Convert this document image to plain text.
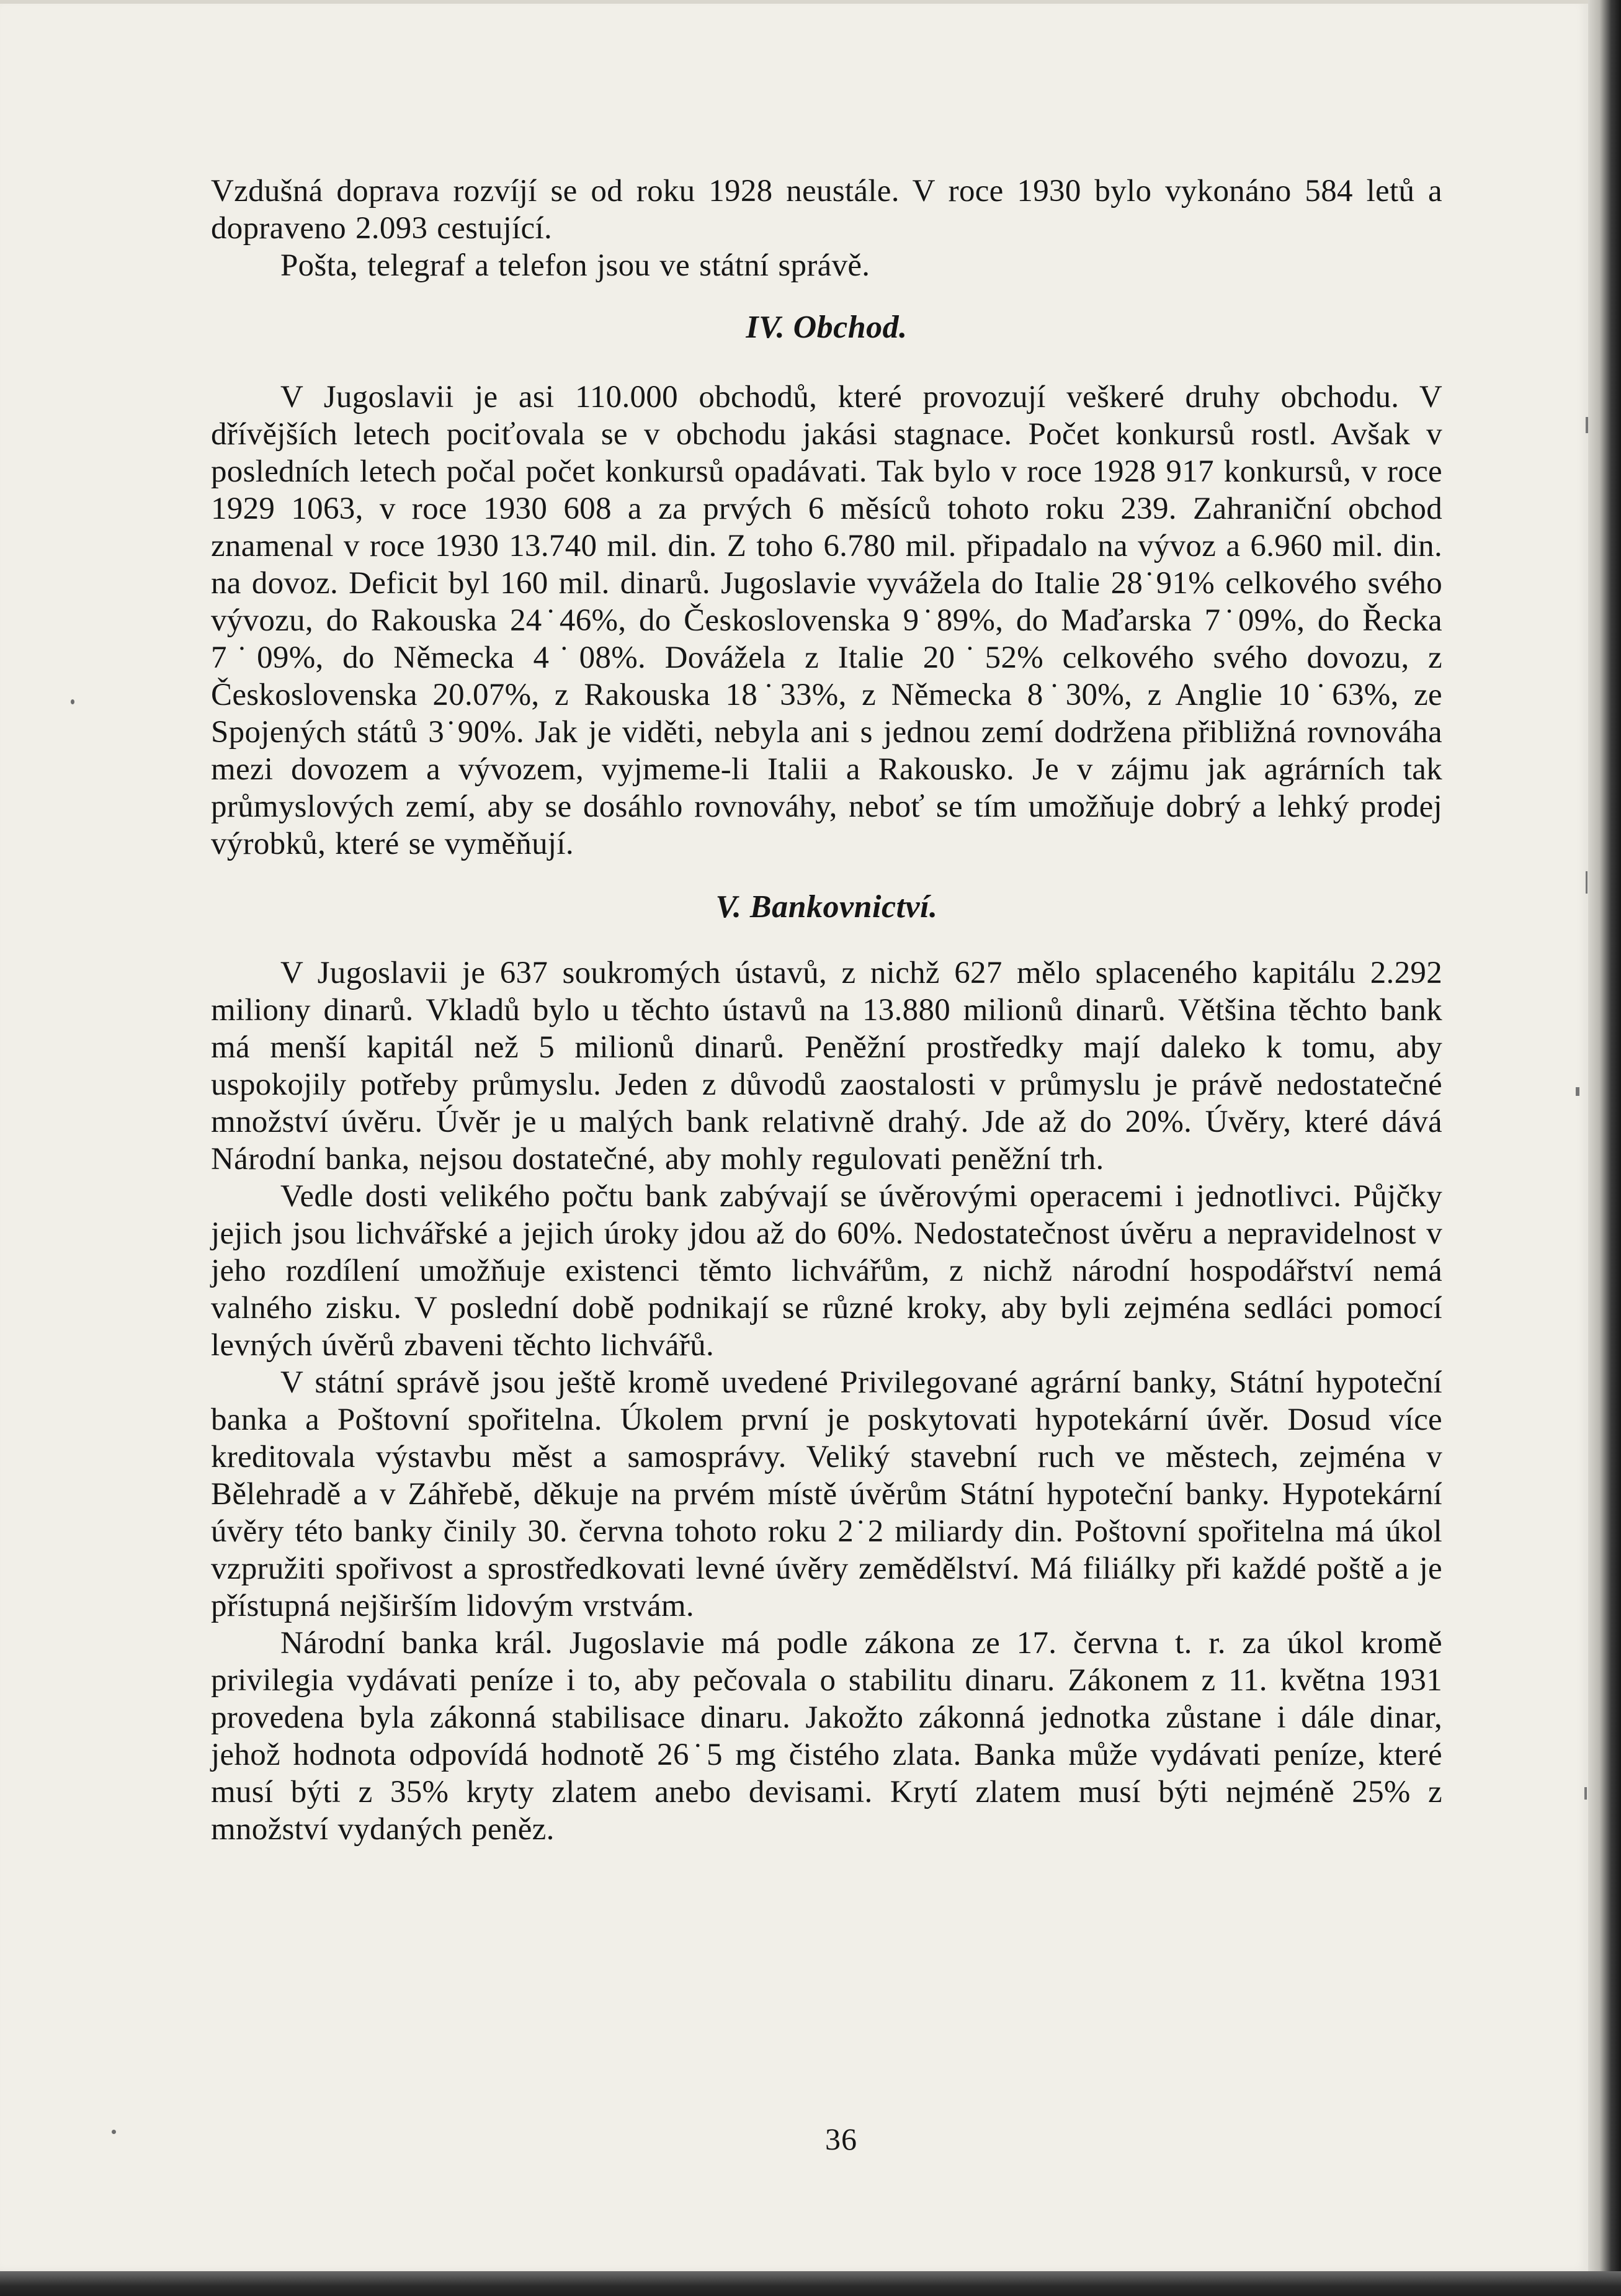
Vzdušná doprava rozvíjí se od roku 1928 neustále. V roce 1930 bylo vykonáno 584 letů a dopraveno 2.093 cestující.

Pošta, telegraf a telefon jsou ve státní správě.

IV. Obchod.

V Jugoslavii je asi 110.000 obchodů, které provozují veškeré druhy obchodu. V dřívějších letech pociťovala se v obchodu jakási stagnace. Počet konkursů rostl. Avšak v posledních letech počal počet konkursů opadávati. Tak bylo v roce 1928 917 konkursů, v roce 1929 1063, v roce 1930 608 a za prvých 6 měsíců tohoto roku 239. Zahraniční obchod znamenal v roce 1930 13.740 mil. din. Z toho 6.780 mil. připadalo na vývoz a 6.960 mil. din. na dovoz. Deficit byl 160 mil. dinarů. Jugoslavie vyvážela do Italie 28˙91% celkového svého vývozu, do Rakouska 24˙46%, do Československa 9˙89%, do Maďarska 7˙09%, do Řecka 7˙09%, do Německa 4˙08%. Dovážela z Italie 20˙52% celkového svého dovozu, z Československa 20.07%, z Rakouska 18˙33%, z Německa 8˙30%, z Anglie 10˙63%, ze Spojených států 3˙90%. Jak je viděti, nebyla ani s jednou zemí dodržena přibližná rovnováha mezi dovozem a vývozem, vyjmeme-li Italii a Rakousko. Je v zájmu jak agrárních tak průmyslových zemí, aby se dosáhlo rovnováhy, neboť se tím umožňuje dobrý a lehký prodej výrobků, které se vyměňují.

V. Bankovnictví.

V Jugoslavii je 637 soukromých ústavů, z nichž 627 mělo splaceného kapitálu 2.292 miliony dinarů. Vkladů bylo u těchto ústavů na 13.880 milionů dinarů. Většina těchto bank má menší kapitál než 5 milionů dinarů. Peněžní prostředky mají daleko k tomu, aby uspokojily potřeby průmyslu. Jeden z důvodů zaostalosti v průmyslu je právě nedostatečné množství úvěru. Úvěr je u malých bank relativně drahý. Jde až do 20%. Úvěry, které dává Národní banka, nejsou dostatečné, aby mohly regulovati peněžní trh.

Vedle dosti velikého počtu bank zabývají se úvěrovými operacemi i jednotlivci. Půjčky jejich jsou lichvářské a jejich úroky jdou až do 60%. Nedostatečnost úvěru a nepravidelnost v jeho rozdílení umožňuje existenci těmto lichvářům, z nichž národní hospodářství nemá valného zisku. V poslední době podnikají se různé kroky, aby byli zejména sedláci pomocí levných úvěrů zbaveni těchto lichvářů.

V státní správě jsou ještě kromě uvedené Privilegované agrární banky, Státní hypoteční banka a Poštovní spořitelna. Úkolem první je poskytovati hypotekární úvěr. Dosud více kreditovala výstavbu měst a samosprávy. Veliký stavební ruch ve městech, zejména v Bělehradě a v Záhřebě, děkuje na prvém místě úvěrům Státní hypoteční banky. Hypotekární úvěry této banky činily 30. června tohoto roku 2˙2 miliardy din. Poštovní spořitelna má úkol vzpružiti spořivost a sprostředkovati levné úvěry zemědělství. Má filiálky při každé poště a je přístupná nejširším lidovým vrstvám.

Národní banka král. Jugoslavie má podle zákona ze 17. června t. r. za úkol kromě privilegia vydávati peníze i to, aby pečovala o stabilitu dinaru. Zákonem z 11. května 1931 provedena byla zákonná stabilisace dinaru. Jakožto zákonná jednotka zůstane i dále dinar, jehož hodnota odpovídá hodnotě 26˙5 mg čistého zlata. Banka může vydávati peníze, které musí býti z 35% kryty zlatem anebo devisami. Krytí zlatem musí býti nejméně 25% z množství vydaných peněz.

36
